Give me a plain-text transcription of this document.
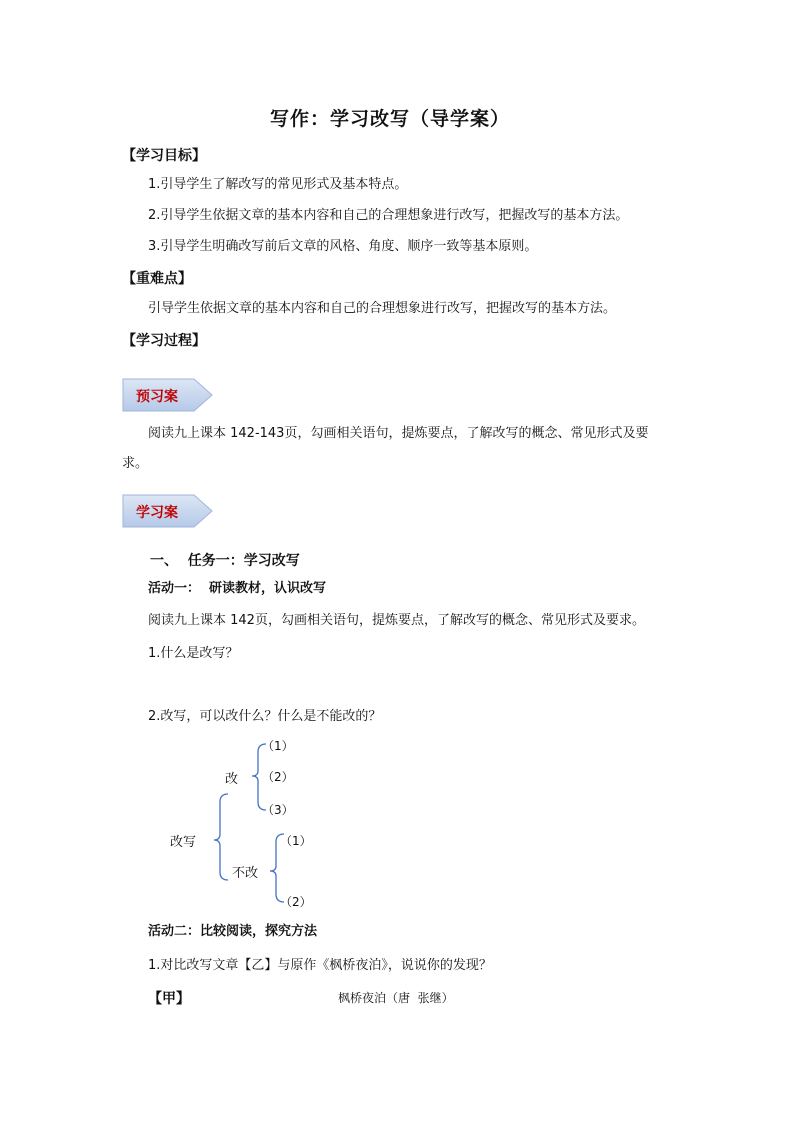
写作：学习改写（导学案）
【学习目标】
1.引导学生了解改写的常见形式及基本特点。
2.引导学生依据文章的基本内容和自己的合理想象进行改写，把握改写的基本方法。
3.引导学生明确改写前后文章的风格、角度、顺序一致等基本原则。
【重难点】
引导学生依据文章的基本内容和自己的合理想象进行改写，把握改写的基本方法。
【学习过程】
预习案
阅读九上课本 142-143页，勾画相关语句，提炼要点，了解改写的概念、常见形式及要
求。
学习案
一、  任务一：学习改写
活动一：  研读教材，认识改写
阅读九上课本 142页，勾画相关语句，提炼要点，了解改写的概念、常见形式及要求。
1.什么是改写？
2.改写，可以改什么？什么是不能改的？
改写
改
不改
（1）
（2）
（3）
（1）
（2）
活动二：比较阅读，探究方法
1.对比改写文章【乙】与原作《枫桥夜泊》，说说你的发现？
【甲】	枫桥夜泊（唐  张继）
